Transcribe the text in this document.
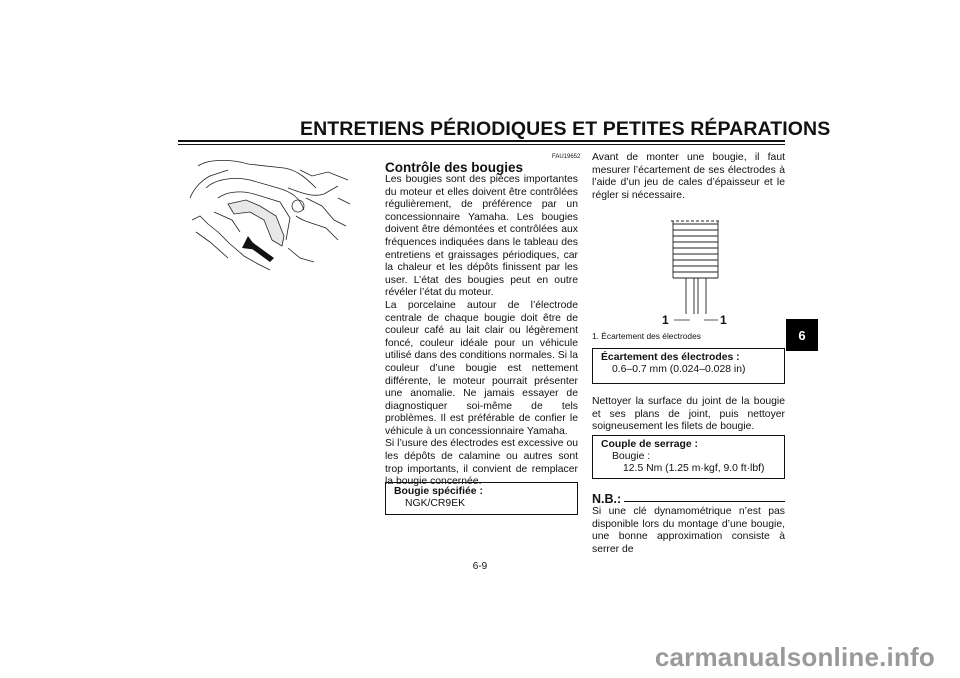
ENTRETIENS PÉRIODIQUES ET PETITES RÉPARATIONS
FAU19652
Contrôle des bougies

Les bougies sont des pièces importantes du moteur et elles doivent être contrôlées régulièrement, de préférence par un concessionnaire Yamaha. Les bougies doivent être démontées et contrôlées aux fréquences indiquées dans le tableau des entretiens et graissages périodiques, car la chaleur et les dépôts finissent par les user. L’état des bougies peut en outre révéler l’état du moteur.

La porcelaine autour de l’électrode centrale de chaque bougie doit être de couleur café au lait clair ou légèrement foncé, couleur idéale pour un véhicule utilisé dans des conditions normales. Si la couleur d’une bougie est nettement différente, le moteur pourrait présenter une anomalie. Ne jamais essayer de diagnostiquer soi-même de tels problèmes. Il est préférable de confier le véhicule à un concessionnaire Yamaha.

Si l’usure des électrodes est excessive ou les dépôts de calamine ou autres sont trop importants, il convient de remplacer la bougie concernée.

Bougie spécifiée :
NGK/CR9EK
Avant de monter une bougie, il faut mesurer l’écartement de ses électrodes à l’aide d’un jeu de cales d’épaisseur et le régler si nécessaire.
1	1
1. Écartement des électrodes
Écartement des électrodes :
0.6–0.7 mm (0.024–0.028 in)
Nettoyer la surface du joint de la bougie et ses plans de joint, puis nettoyer soigneusement les filets de bougie.
Couple de serrage :
Bougie :
12.5 Nm (1.25 m·kgf, 9.0 ft·lbf)
N.B.:
Si une clé dynamométrique n’est pas disponible lors du montage d’une bougie, une bonne approximation consiste à serrer de
6
6-9
carmanualsonline.info
